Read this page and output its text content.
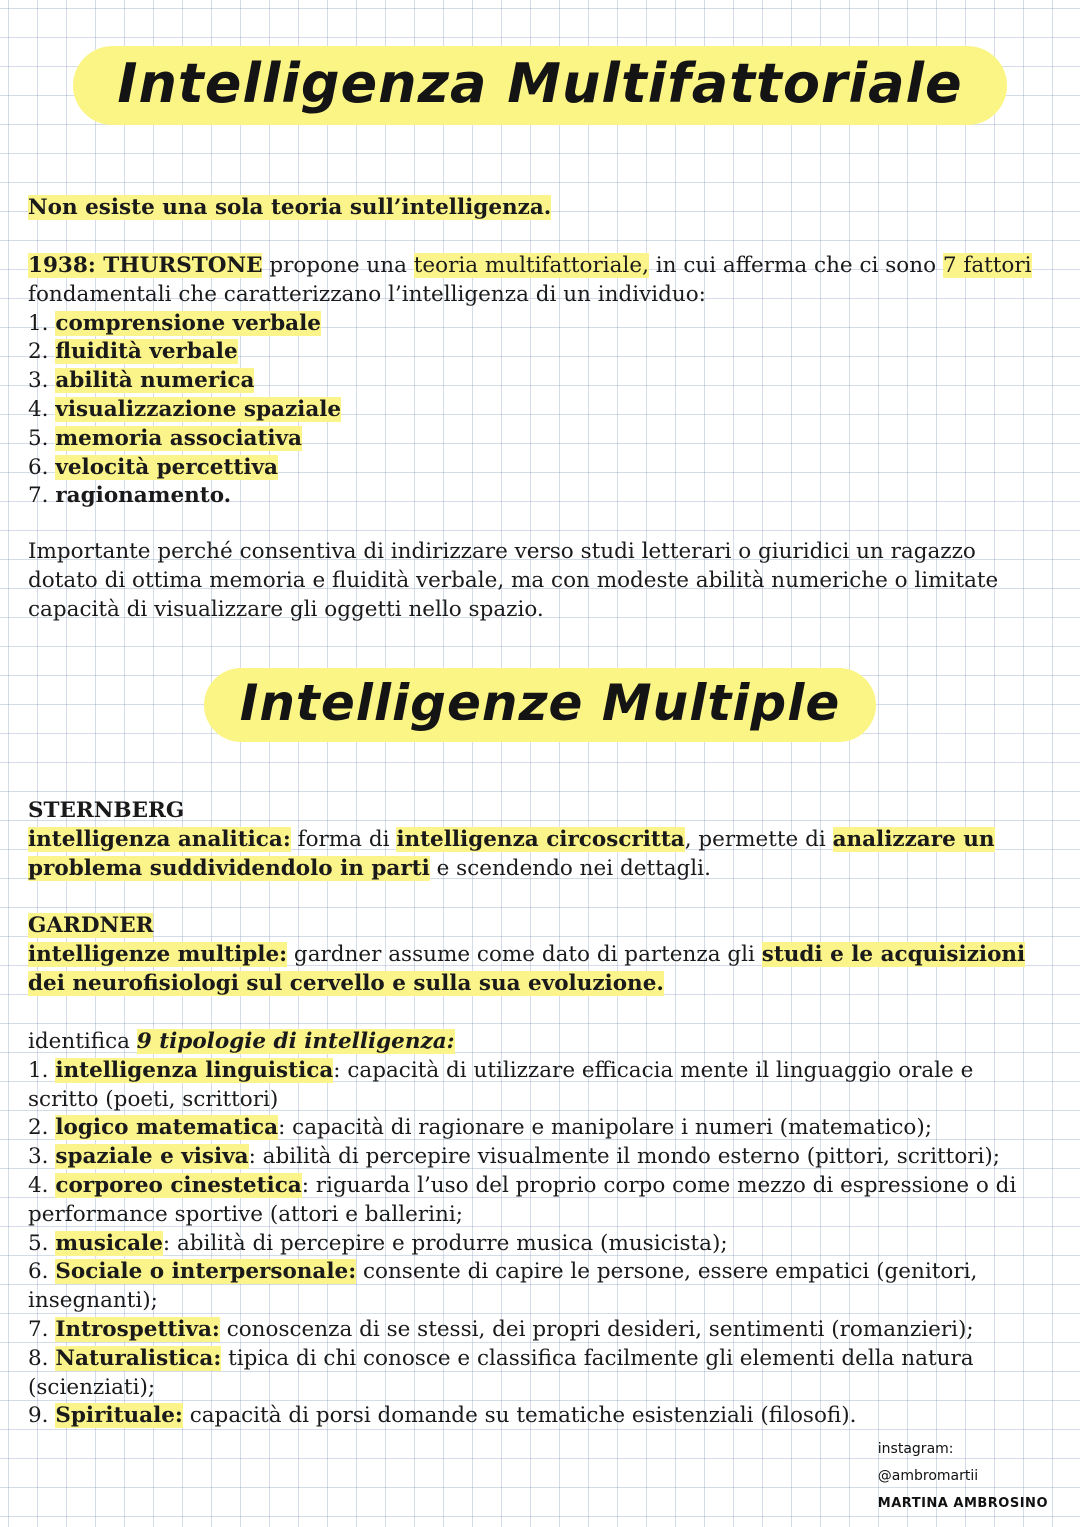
Intelligenza Multifattoriale

Non esiste una sola teoria sull’intelligenza.

1938: THURSTONE propone una teoria multifattoriale, in cui afferma che ci sono 7 fattori fondamentali che caratterizzano l’intelligenza di un individuo:

1. comprensione verbale

2. fluidità verbale

3. abilità numerica

4. visualizzazione spaziale

5. memoria associativa

6. velocità percettiva

7. ragionamento.

Importante perché consentiva di indirizzare verso studi letterari o giuridici un ragazzo dotato di ottima memoria e fluidità verbale, ma con modeste abilità numeriche o limitate capacità di visualizzare gli oggetti nello spazio.

Intelligenze Multiple

STERNBERG

intelligenza analitica: forma di intelligenza circoscritta, permette di analizzare un problema suddividendolo in parti e scendendo nei dettagli.

GARDNER

intelligenze multiple: gardner assume come dato di partenza gli studi e le acquisizioni dei neurofisiologi sul cervello e sulla sua evoluzione.

identifica 9 tipologie di intelligenza:

1. intelligenza linguistica: capacità di utilizzare efficacia mente il linguaggio orale e scritto (poeti, scrittori)

2. logico matematica: capacità di ragionare e manipolare i numeri (matematico);

3. spaziale e visiva: abilità di percepire visualmente il mondo esterno (pittori, scrittori);

4. corporeo cinestetica: riguarda l’uso del proprio corpo come mezzo di espressione o di performance sportive (attori e ballerini;

5. musicale: abilità di percepire e produrre musica (musicista);

6. Sociale o interpersonale: consente di capire le persone, essere empatici (genitori, insegnanti);

7. Introspettiva: conoscenza di se stessi, dei propri desideri, sentimenti (romanzieri);

8. Naturalistica: tipica di chi conosce e classifica facilmente gli elementi della natura (scienziati);

9. Spirituale: capacità di porsi domande su tematiche esistenziali (filosofi).

instagram:
@ambromartii
MARTINA AMBROSINO
